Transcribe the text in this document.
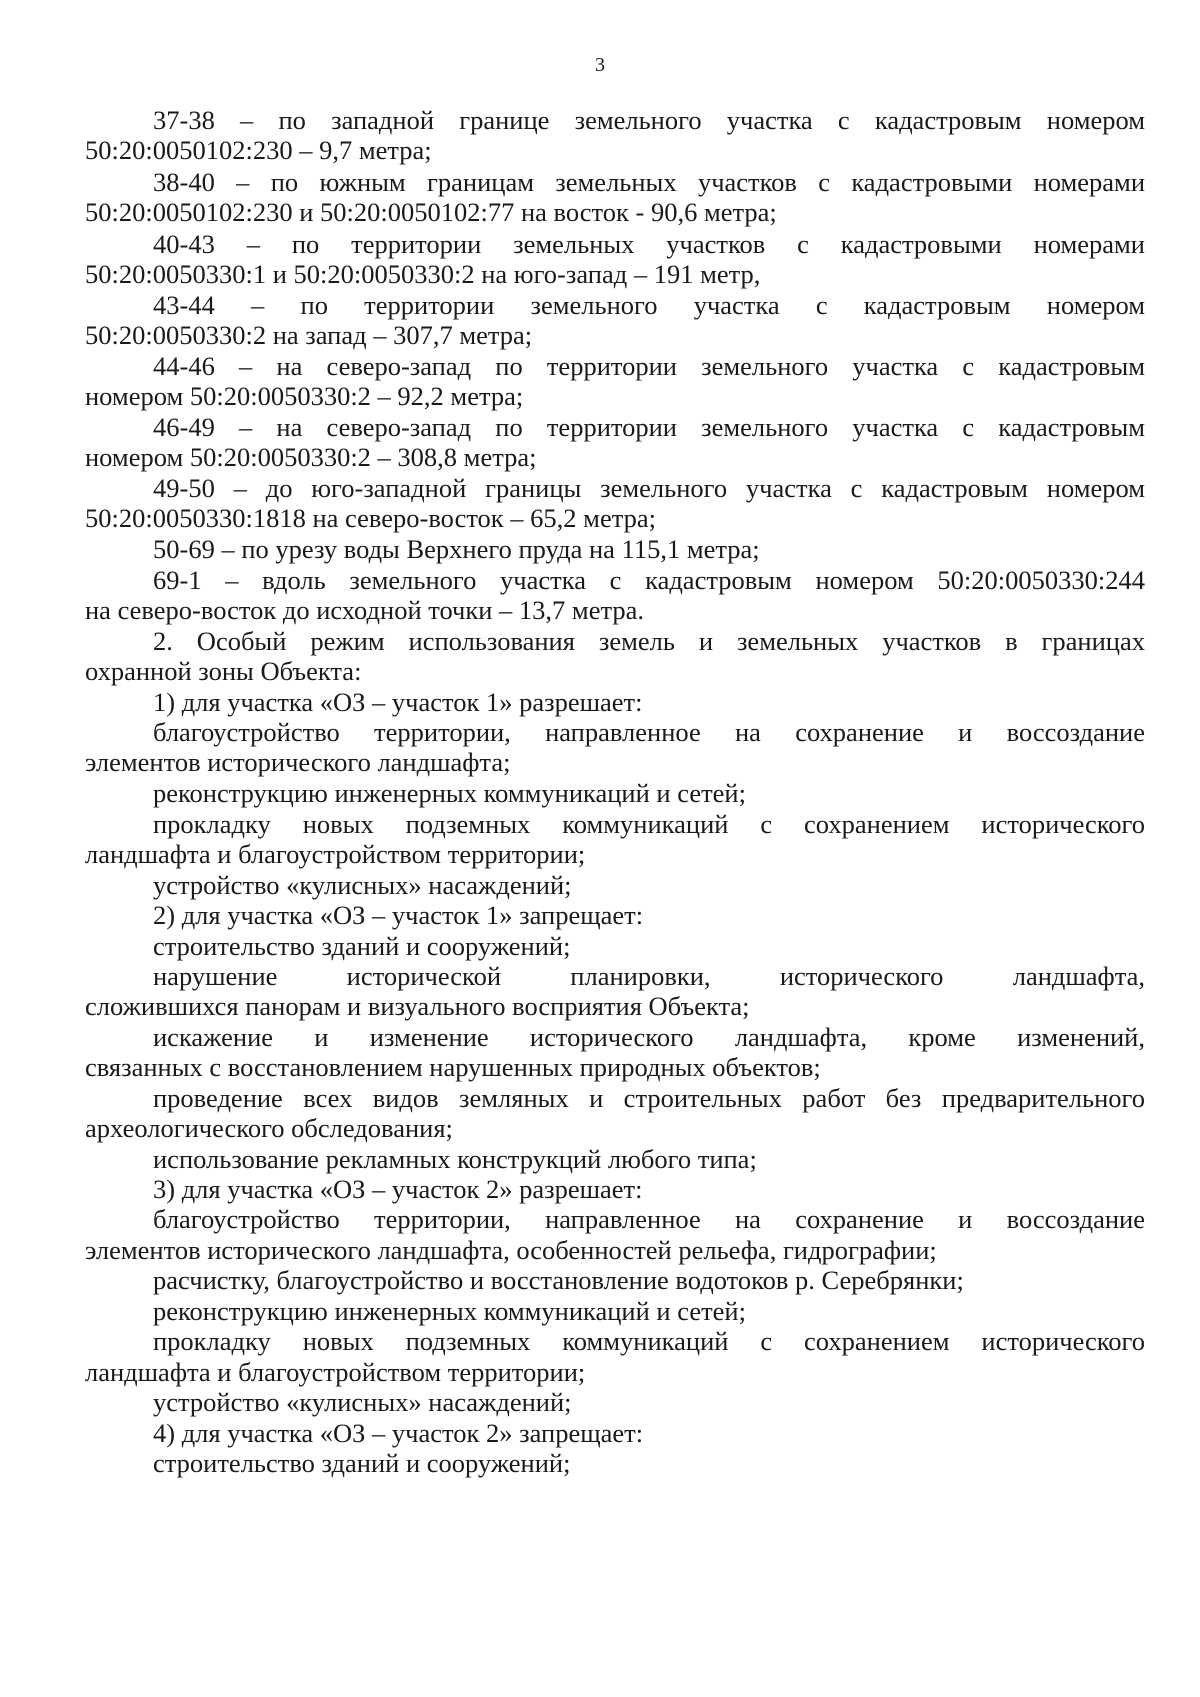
3
37-38 – по западной границе земельного участка с кадастровым номером
50:20:0050102:230 – 9,7 метра;
38-40 – по южным границам земельных участков с кадастровыми номерами
50:20:0050102:230 и 50:20:0050102:77 на восток - 90,6 метра;
40-43 – по территории земельных участков с кадастровыми номерами
50:20:0050330:1 и 50:20:0050330:2 на юго-запад – 191 метр,
43-44 – по территории земельного участка с кадастровым номером
50:20:0050330:2 на запад – 307,7 метра;
44-46 – на северо-запад по территории земельного участка с кадастровым
номером 50:20:0050330:2 – 92,2 метра;
46-49 – на северо-запад по территории земельного участка с кадастровым
номером 50:20:0050330:2 – 308,8 метра;
49-50 – до юго-западной границы земельного участка с кадастровым номером
50:20:0050330:1818 на северо-восток – 65,2 метра;
50-69 – по урезу воды Верхнего пруда на 115,1 метра;
69-1 – вдоль земельного участка с кадастровым номером 50:20:0050330:244
на северо-восток до исходной точки – 13,7 метра.
2. Особый режим использования земель и земельных участков в границах
охранной зоны Объекта:
1) для участка «ОЗ – участок 1» разрешает:
благоустройство территории, направленное на сохранение и воссоздание
элементов исторического ландшафта;
реконструкцию инженерных коммуникаций и сетей;
прокладку новых подземных коммуникаций с сохранением исторического
ландшафта и благоустройством территории;
устройство «кулисных» насаждений;
2) для участка «ОЗ – участок 1» запрещает:
строительство зданий и сооружений;
нарушение исторической планировки, исторического ландшафта,
сложившихся панорам и визуального восприятия Объекта;
искажение и изменение исторического ландшафта, кроме изменений,
связанных с восстановлением нарушенных природных объектов;
проведение всех видов земляных и строительных работ без предварительного
археологического обследования;
использование рекламных конструкций любого типа;
3) для участка «ОЗ – участок 2» разрешает:
благоустройство территории, направленное на сохранение и воссоздание
элементов исторического ландшафта, особенностей рельефа, гидрографии;
расчистку, благоустройство и восстановление водотоков р. Серебрянки;
реконструкцию инженерных коммуникаций и сетей;
прокладку новых подземных коммуникаций с сохранением исторического
ландшафта и благоустройством территории;
устройство «кулисных» насаждений;
4) для участка «ОЗ – участок 2» запрещает:
строительство зданий и сооружений;
